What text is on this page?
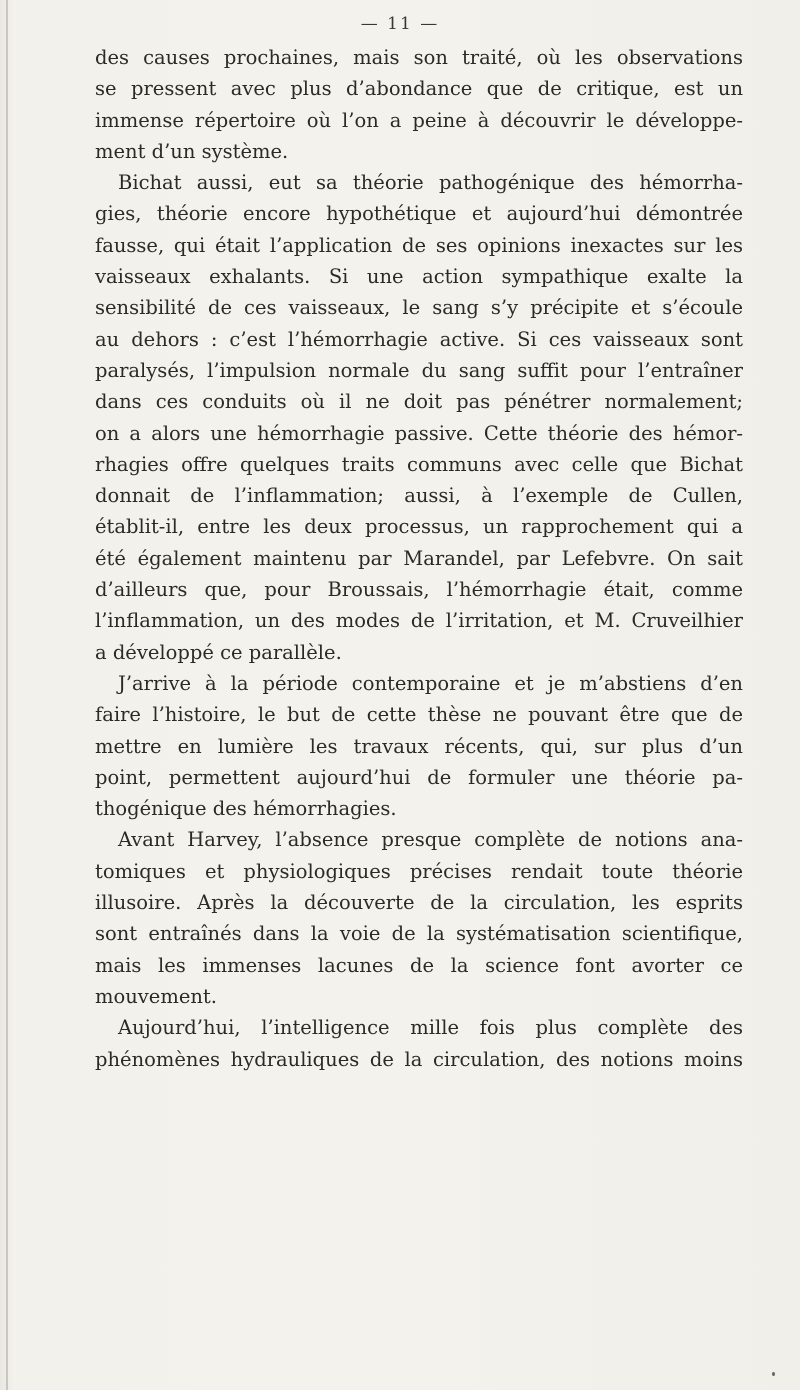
— 11 —
des causes prochaines, mais son traité, où les observations
se pressent avec plus d’abondance que de critique, est un
immense répertoire où l’on a peine à découvrir le développe-
ment d’un système.
Bichat aussi, eut sa théorie pathogénique des hémorrha-
gies, théorie encore hypothétique et aujourd’hui démontrée
fausse, qui était l’application de ses opinions inexactes sur les
vaisseaux exhalants. Si une action sympathique exalte la
sensibilité de ces vaisseaux, le sang s’y précipite et s’écoule
au dehors : c’est l’hémorrhagie active. Si ces vaisseaux sont
paralysés, l’impulsion normale du sang suffit pour l’entraîner
dans ces conduits où il ne doit pas pénétrer normalement;
on a alors une hémorrhagie passive. Cette théorie des hémor-
rhagies offre quelques traits communs avec celle que Bichat
donnait de l’inflammation; aussi, à l’exemple de Cullen,
établit-il, entre les deux processus, un rapprochement qui a
été également maintenu par Marandel, par Lefebvre. On sait
d’ailleurs que, pour Broussais, l’hémorrhagie était, comme
l’inflammation, un des modes de l’irritation, et M. Cruveilhier
a développé ce parallèle.
J’arrive à la période contemporaine et je m’abstiens d’en
faire l’histoire, le but de cette thèse ne pouvant être que de
mettre en lumière les travaux récents, qui, sur plus d’un
point, permettent aujourd’hui de formuler une théorie pa-
thogénique des hémorrhagies.
Avant Harvey, l’absence presque complète de notions ana-
tomiques et physiologiques précises rendait toute théorie
illusoire. Après la découverte de la circulation, les esprits
sont entraînés dans la voie de la systématisation scientifique,
mais les immenses lacunes de la science font avorter ce
mouvement.
Aujourd’hui, l’intelligence mille fois plus complète des
phénomènes hydrauliques de la circulation, des notions moins
